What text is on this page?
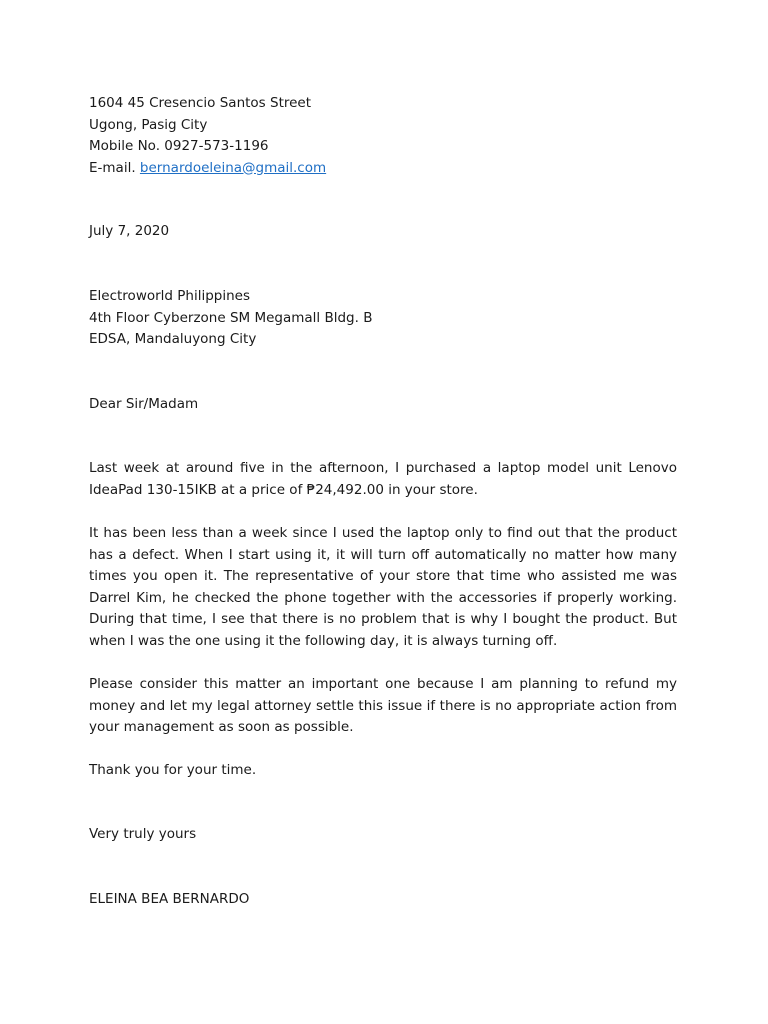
1604 45 Cresencio Santos Street
Ugong, Pasig City
Mobile No. 0927-573-1196
E-mail. bernardoeleina@gmail.com
July 7, 2020
Electroworld Philippines
4th Floor Cyberzone SM Megamall Bldg. B
EDSA, Mandaluyong City
Dear Sir/Madam

Last week at around five in the afternoon, I purchased a laptop model unit Lenovo IdeaPad 130-15IKB at a price of ₱24,492.00 in your store.

It has been less than a week since I used the laptop only to find out that the product has a defect. When I start using it, it will turn off automatically no matter how many times you open it. The representative of your store that time who assisted me was Darrel Kim, he checked the phone together with the accessories if properly working. During that time, I see that there is no problem that is why I bought the product. But when I was the one using it the following day, it is always turning off.

Please consider this matter an important one because I am planning to refund my money and let my legal attorney settle this issue if there is no appropriate action from your management as soon as possible.

Thank you for your time.
Very truly yours
ELEINA BEA BERNARDO
